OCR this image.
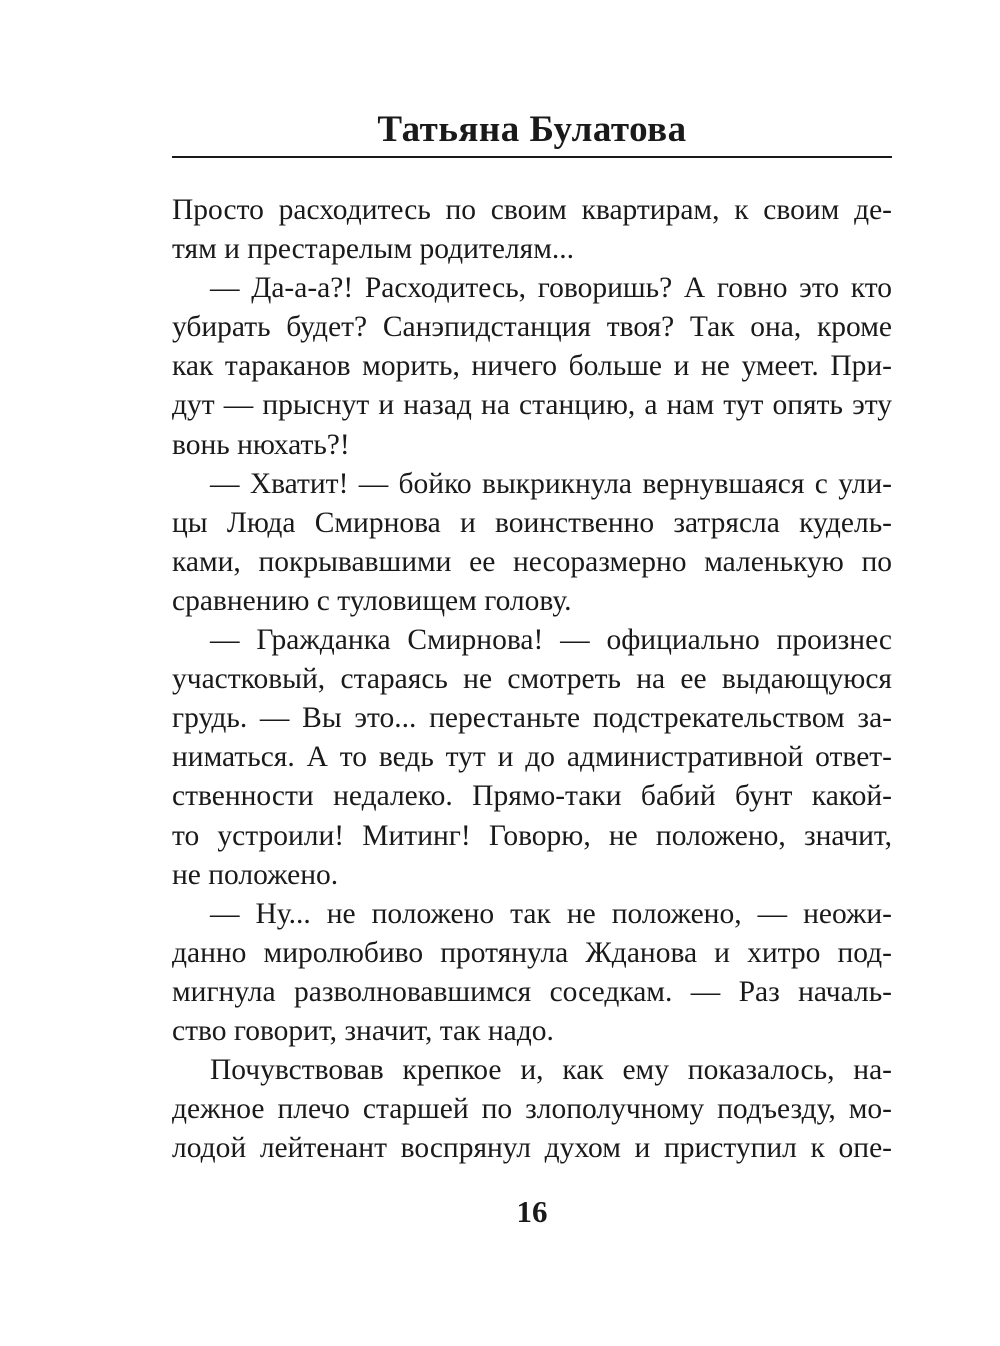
Татьяна Булатова
Просто расходитесь по своим квартирам, к своим де-
тям и престарелым родителям...
— Да-а-а?! Расходитесь, говоришь? А говно это кто
убирать будет? Санэпидстанция твоя? Так она, кроме
как тараканов морить, ничего больше и не умеет. При-
дут — прыснут и назад на станцию, а нам тут опять эту
вонь нюхать?!
— Хватит! — бойко выкрикнула вернувшаяся с ули-
цы Люда Смирнова и воинственно затрясла кудель-
ками, покрывавшими ее несоразмерно маленькую по
сравнению с туловищем голову.
— Гражданка Смирнова! — официально произнес
участковый, стараясь не смотреть на ее выдающуюся
грудь. — Вы это... перестаньте подстрекательством за-
ниматься. А то ведь тут и до административной ответ-
ственности недалеко. Прямо-таки бабий бунт какой-
то устроили! Митинг! Говорю, не положено, значит,
не положено.
— Ну... не положено так не положено, — неожи-
данно миролюбиво протянула Жданова и хитро под-
мигнула разволновавшимся соседкам. — Раз началь-
ство говорит, значит, так надо.
Почувствовав крепкое и, как ему показалось, на-
дежное плечо старшей по злополучному подъезду, мо-
лодой лейтенант воспрянул духом и приступил к опе-
16
